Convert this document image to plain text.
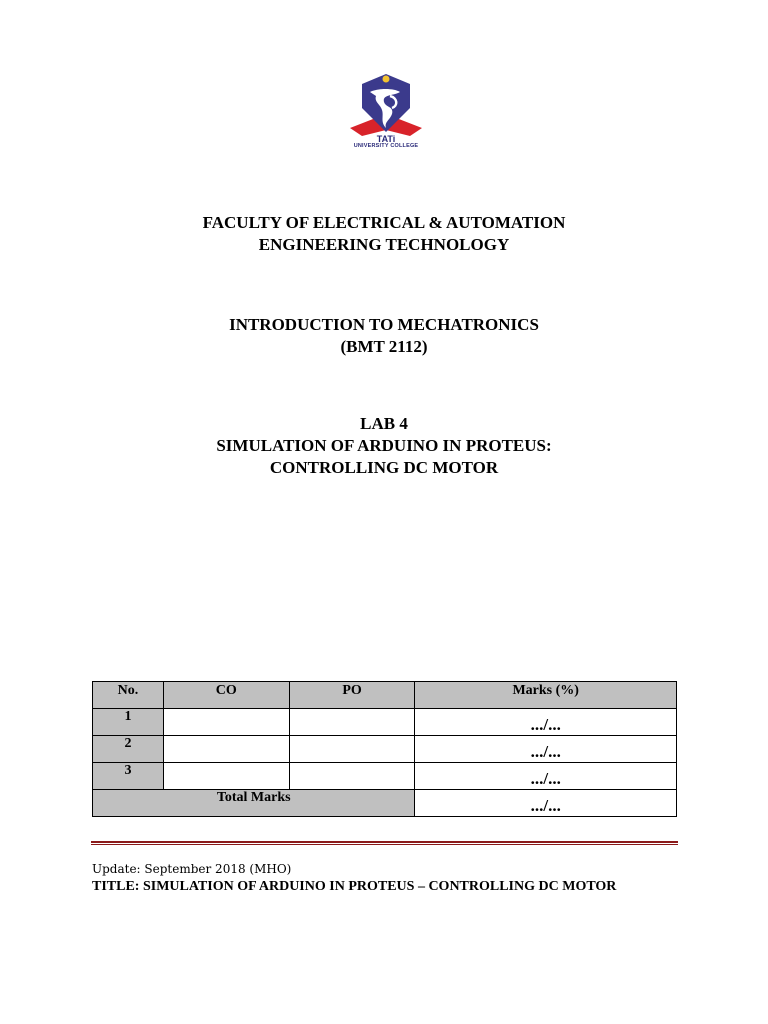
TATi
UNIVERSITY COLLEGE
FACULTY OF ELECTRICAL & AUTOMATION
ENGINEERING TECHNOLOGY
INTRODUCTION TO MECHATRONICS
(BMT 2112)
LAB 4
SIMULATION OF ARDUINO IN PROTEUS:
CONTROLLING DC MOTOR
No.	CO	PO	Marks (%)
1			.../...
2			.../...
3			.../...
Total Marks			.../...
Update: September 2018 (MHO)
TITLE: SIMULATION OF ARDUINO IN PROTEUS – CONTROLLING DC MOTOR
